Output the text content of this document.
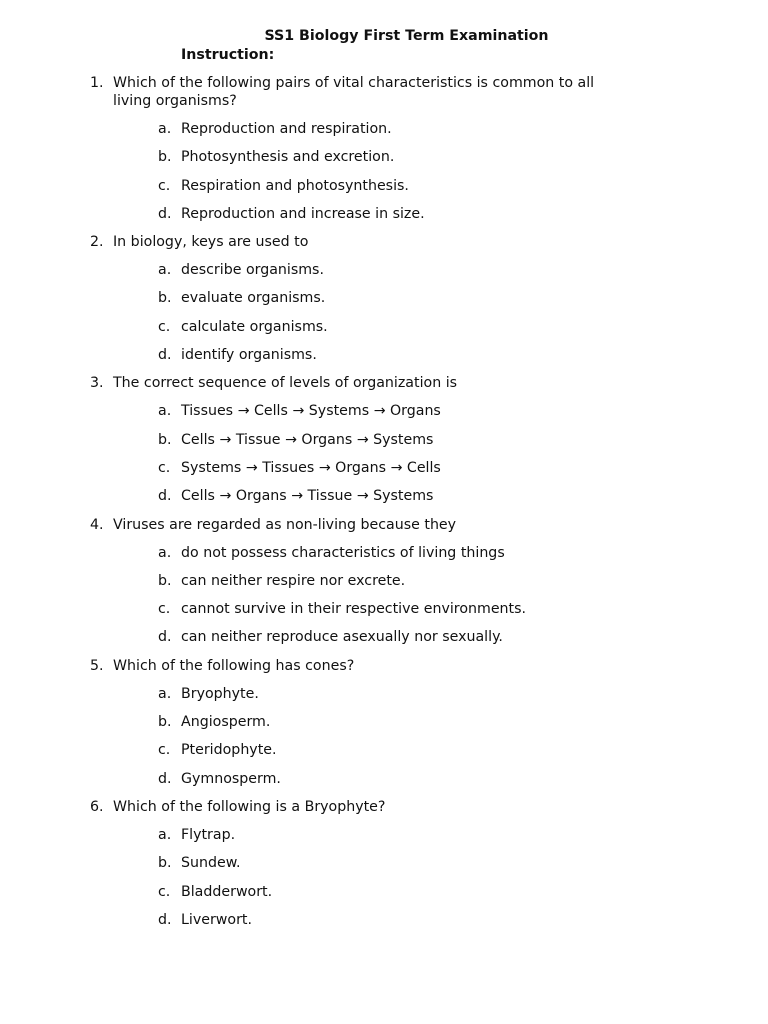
SS1 Biology First Term Examination
Instruction:
1. Which of the following pairs of vital characteristics is common to all living organisms?
a. Reproduction and respiration.
b. Photosynthesis and excretion.
c. Respiration and photosynthesis.
d. Reproduction and increase in size.
2. In biology, keys are used to
a. describe organisms.
b. evaluate organisms.
c. calculate organisms.
d. identify organisms.
3. The correct sequence of levels of organization is
a. Tissues → Cells → Systems → Organs
b. Cells → Tissue → Organs → Systems
c. Systems → Tissues → Organs → Cells
d. Cells → Organs → Tissue → Systems
4. Viruses are regarded as non-living because they
a. do not possess characteristics of living things
b. can neither respire nor excrete.
c. cannot survive in their respective environments.
d. can neither reproduce asexually nor sexually.
5. Which of the following has cones?
a. Bryophyte.
b. Angiosperm.
c. Pteridophyte.
d. Gymnosperm.
6. Which of the following is a Bryophyte?
a. Flytrap.
b. Sundew.
c. Bladderwort.
d. Liverwort.
